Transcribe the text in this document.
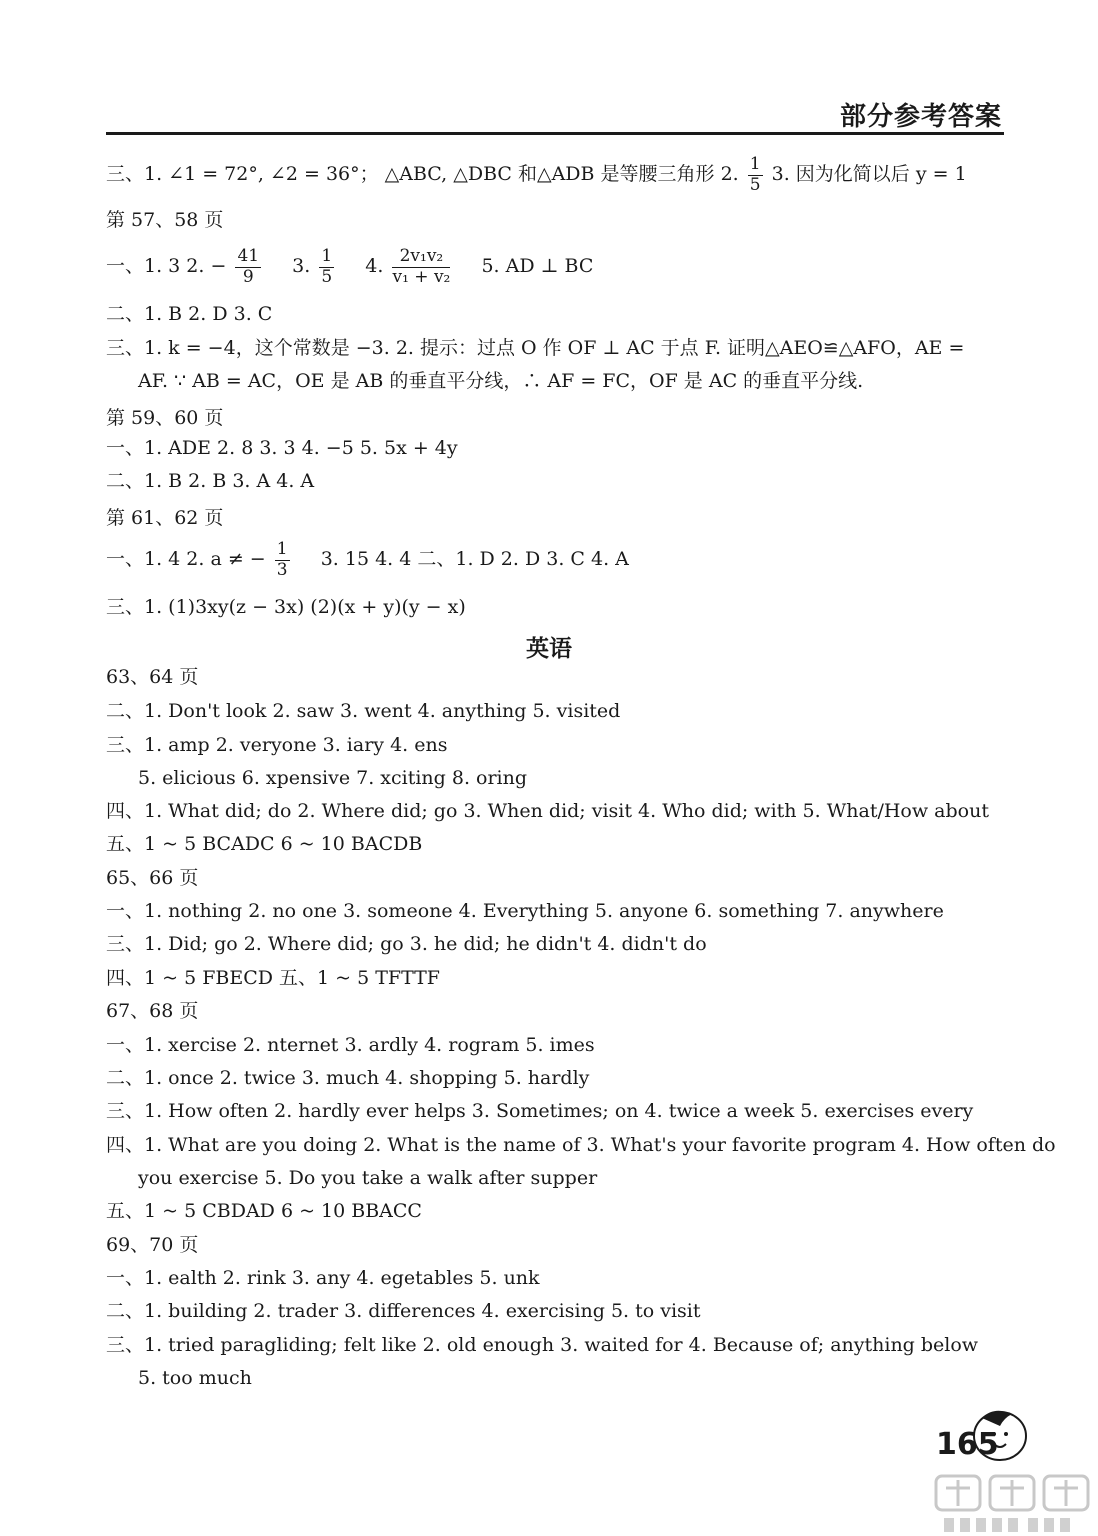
部分参考答案
三、1. ∠1 = 72°, ∠2 = 36°； △ABC, △DBC 和△ADB 是等腰三角形 2. $\frac{1}{5} 3$. 因为化简以后 y = 1
第 57、58 页
一、1. 3 2. − $\frac{41}{9} 3$. $\frac{1}{5} 4$. $\frac{\text{2v₁v₂}}{\text{v₁ + v₂}} 5$. AD ⊥ BC
二、1. B 2. D 3. C
三、1. k = −4，这个常数是 −3. 2. 提示：过点 O 作 OF ⊥ AC 于点 F. 证明△AEO≌△AFO，AE =
AF. ∵ AB = AC，OE 是 AB 的垂直平分线，∴ AF = FC，OF 是 AC 的垂直平分线.
第 59、60 页
一、1. ADE 2. 8 3. 3 4. −5 5. 5x + 4y
二、1. B 2. B 3. A 4. A
第 61、62 页
一、1. 4 2. a ≠ − $\frac{1}{3} 3$. 15 4. 4 二、1. D 2. D 3. C 4. A
三、1. (1)3xy(z − 3x) (2)(x + y)(y − x)
英语
63、64 页
二、1. Don't look 2. saw 3. went 4. anything 5. visited
三、1. amp 2. veryone 3. iary 4. ens
5. elicious 6. xpensive 7. xciting 8. oring
四、1. What did; do 2. Where did; go 3. When did; visit 4. Who did; with 5. What/How about
五、1 ~ 5 BCADC 6 ~ 10 BACDB
65、66 页
一、1. nothing 2. no one 3. someone 4. Everything 5. anyone 6. something 7. anywhere
三、1. Did; go 2. Where did; go 3. he did; he didn't 4. didn't do
四、1 ~ 5 FBECD 五、1 ~ 5 TFTTF
67、68 页
一、1. xercise 2. nternet 3. ardly 4. rogram 5. imes
二、1. once 2. twice 3. much 4. shopping 5. hardly
三、1. How often 2. hardly ever helps 3. Sometimes; on 4. twice a week 5. exercises every
四、1. What are you doing 2. What is the name of 3. What's your favorite program 4. How often do
you exercise 5. Do you take a walk after supper
五、1 ~ 5 CBDAD 6 ~ 10 BBACC
69、70 页
一、1. ealth 2. rink 3. any 4. egetables 5. unk
二、1. building 2. trader 3. differences 4. exercising 5. to visit
三、1. tried paragliding; felt like 2. old enough 3. waited for 4. Because of; anything below
5. too much
165
